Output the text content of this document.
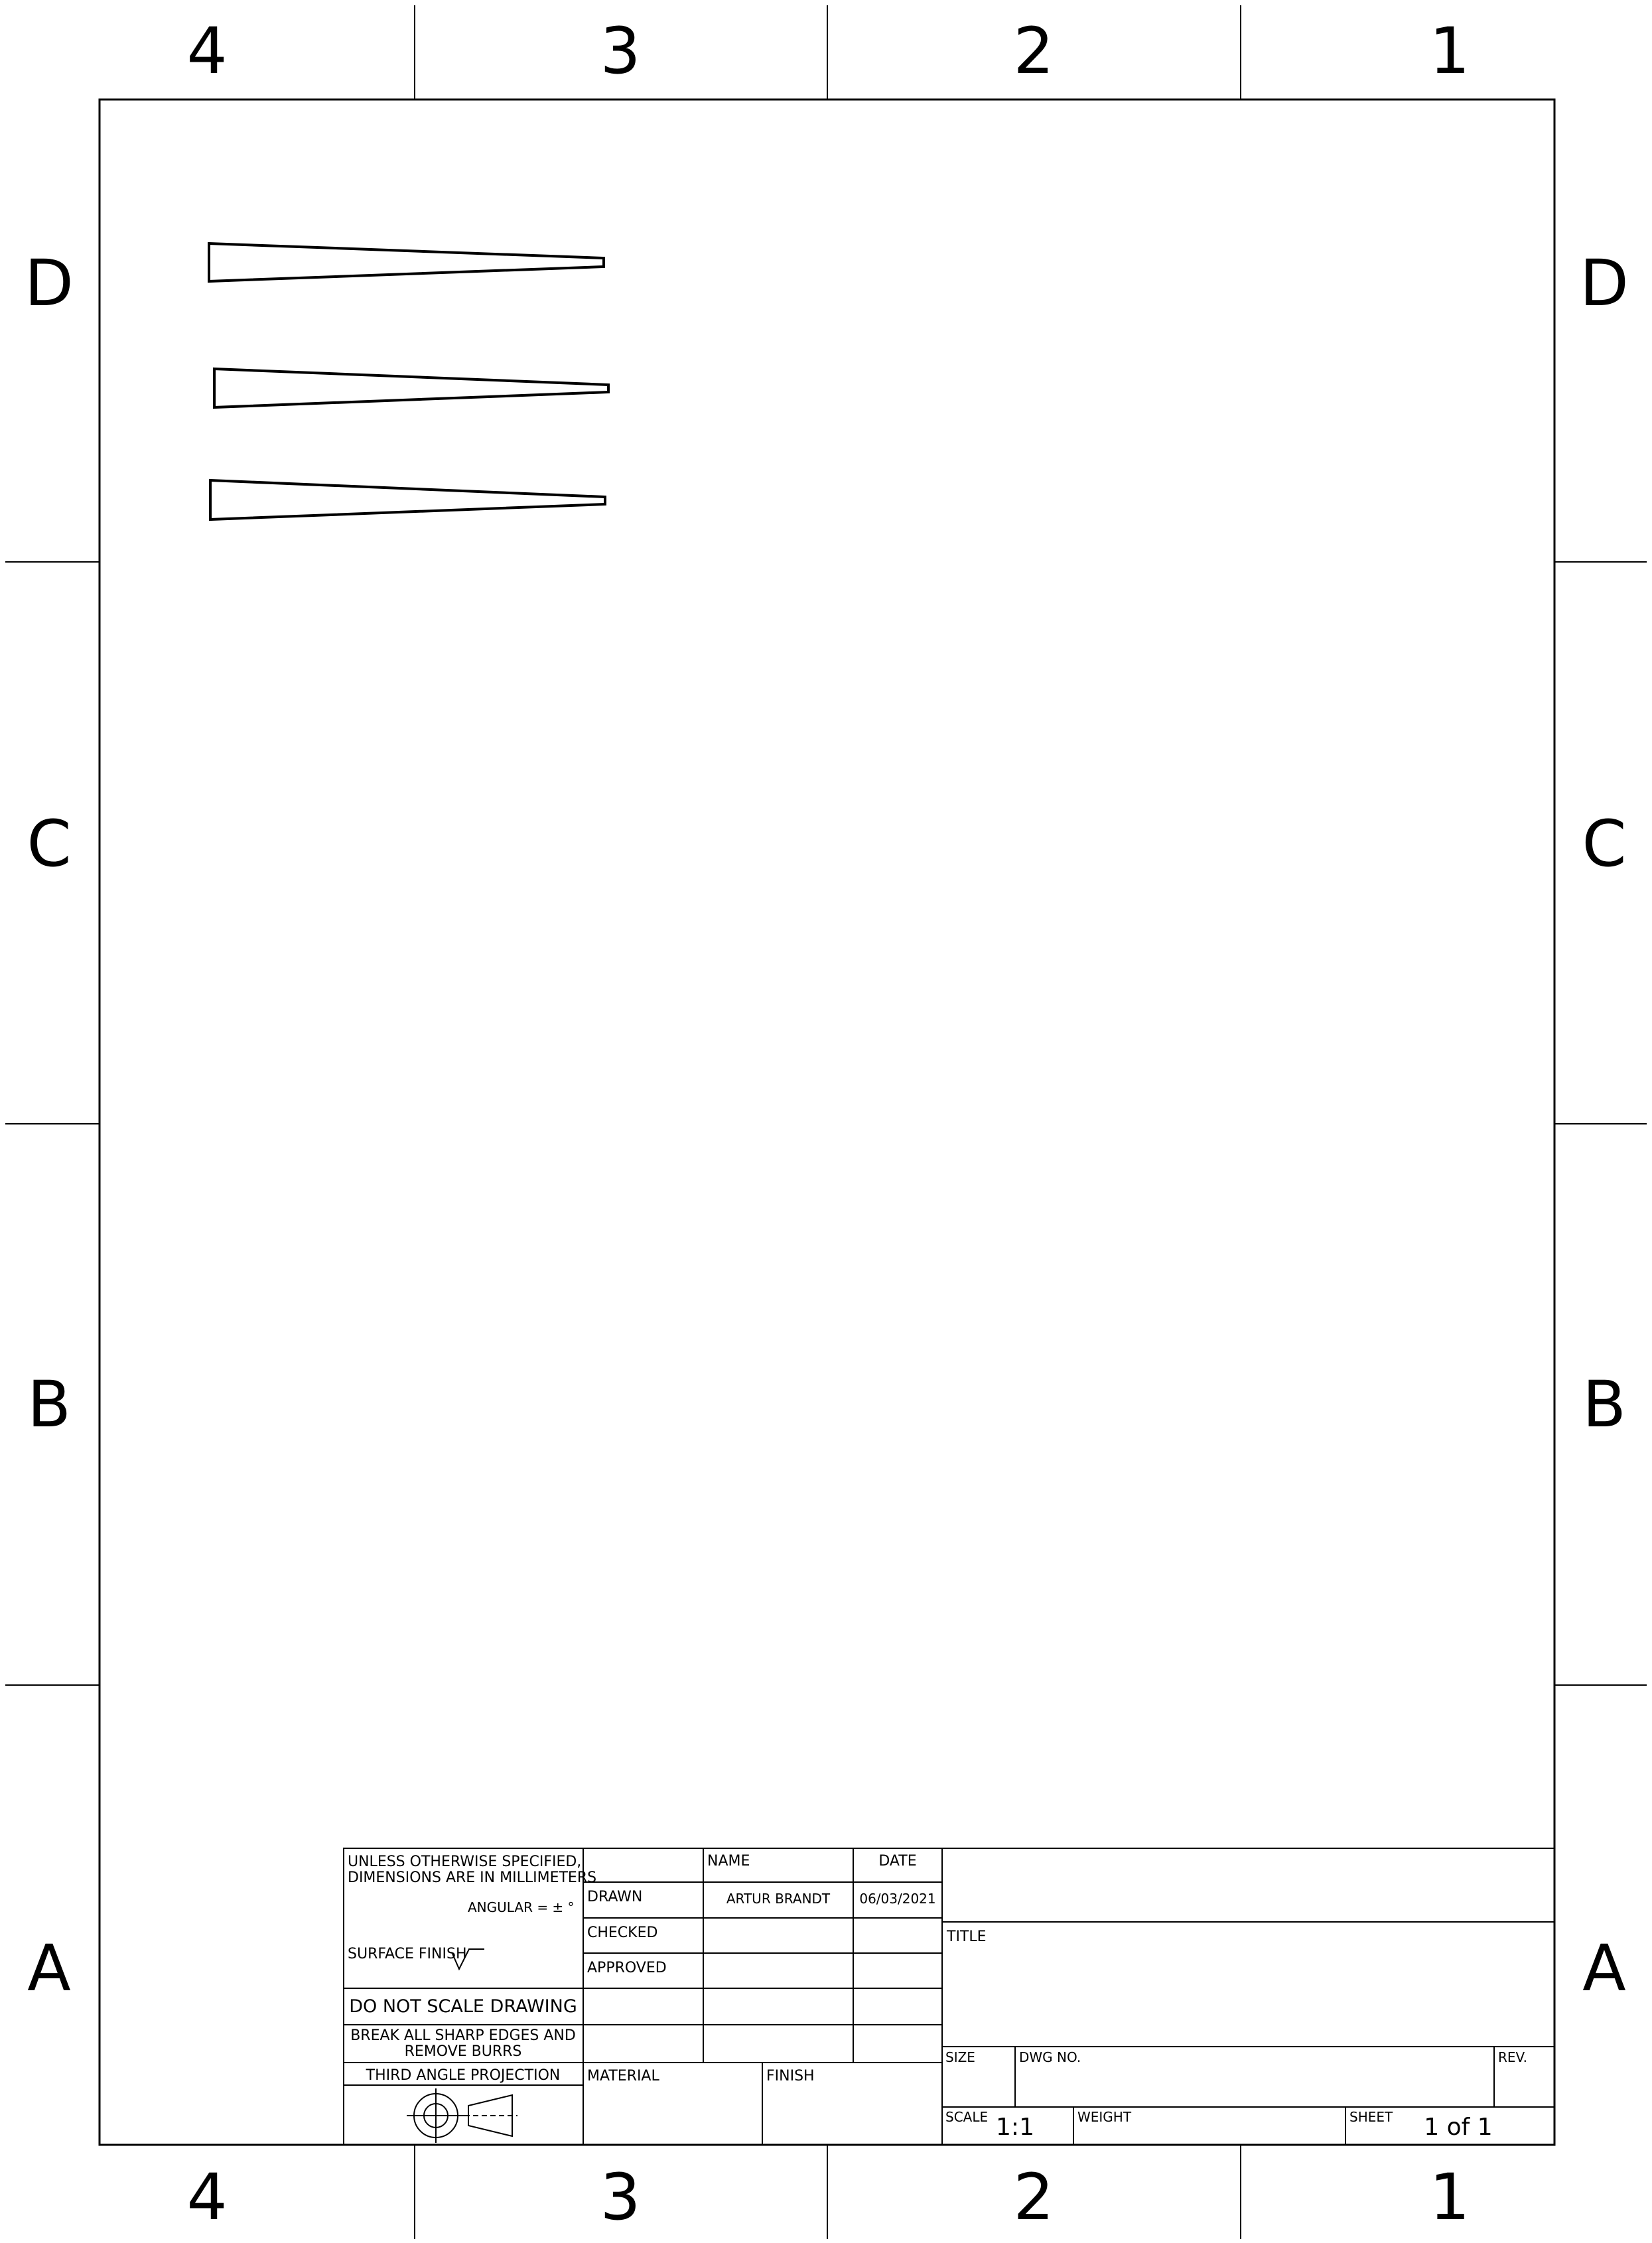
4	3	2	1
4	3	2	1
D
C
B
A
D
C
B
A
UNLESS OTHERWISE SPECIFIED,
DIMENSIONS ARE IN MILLIMETERS
ANGULAR = ± °
SURFACE FINISH
DO NOT SCALE DRAWING
BREAK ALL SHARP EDGES AND
REMOVE BURRS
THIRD ANGLE PROJECTION
NAME	DATE
DRAWN	ARTUR BRANDT 06/03/2021
CHECKED
APPROVED
MATERIAL	FINISH
TITLE
SIZE	DWG NO.	REV.
SCALE 1:1	WEIGHT	SHEET 1 of 1
